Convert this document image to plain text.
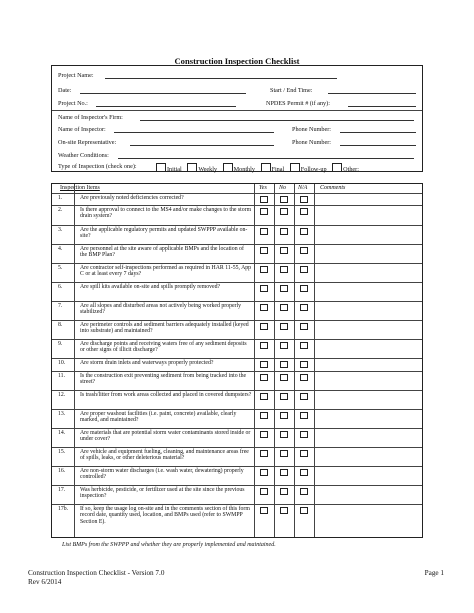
Construction Inspection Checklist
Project Name:
Date:	Start / End Time:
Project No.:	NPDES Permit # (if any):
Name of Inspector's Firm:
Name of Inspector:	Phone Number:
On-site Representative:	Phone Number:
Weather Conditions:
Type of Inspection (check one):	Initial	Weekly	Monthly	Final	Follow-up	Other:
Inspection Items	Yes No N/A Comments
1.	Are previously noted deficiencies corrected?
2.	Is there approval to connect to the MS4 and/or make changes to the storm drain system?
3.	Are the applicable regulatory permits and updated SWPPP available on-site?
4.	Are personnel at the site aware of applicable BMPs and the location of the BMP Plan?
5.	Are contractor self-inspections performed as required in HAR 11-55, App C or at least every 7 days?
6.	Are spill kits available on-site and spills promptly removed?
7.	Are all slopes and disturbed areas not actively being worked properly stabilized?
8.	Are perimeter controls and sediment barriers adequately installed (keyed into substrate) and maintained?
9.	Are discharge points and receiving waters free of any sediment deposits or other signs of illicit discharge?
10.	Are storm drain inlets and waterways properly protected?
11.	Is the construction exit preventing sediment from being tracked into the street?
12.	Is trash/litter from work areas collected and placed in covered dumpsters?
13.	Are proper washout facilities (i.e. paint, concrete) available, clearly marked, and maintained?
14.	Are materials that are potential storm water contaminants stored inside or under cover?
15.	Are vehicle and equipment fueling, cleaning, and maintenance areas free of spills, leaks, or other deleterious material?
16.	Are non-storm water discharges (i.e. wash water, dewatering) properly controlled?
17.	Was herbicide, pesticide, or fertilizer used at the site since the previous inspection?
17b. If so, keep the usage log on-site and in the comments section of this form record date, quantity used, location, and BMPs used (refer to SWMPP Section E).
List BMPs from the SWPPP and whether they are properly implemented and maintained.
Construction Inspection Checklist - Version 7.0
Rev 6/2014
Page 1
